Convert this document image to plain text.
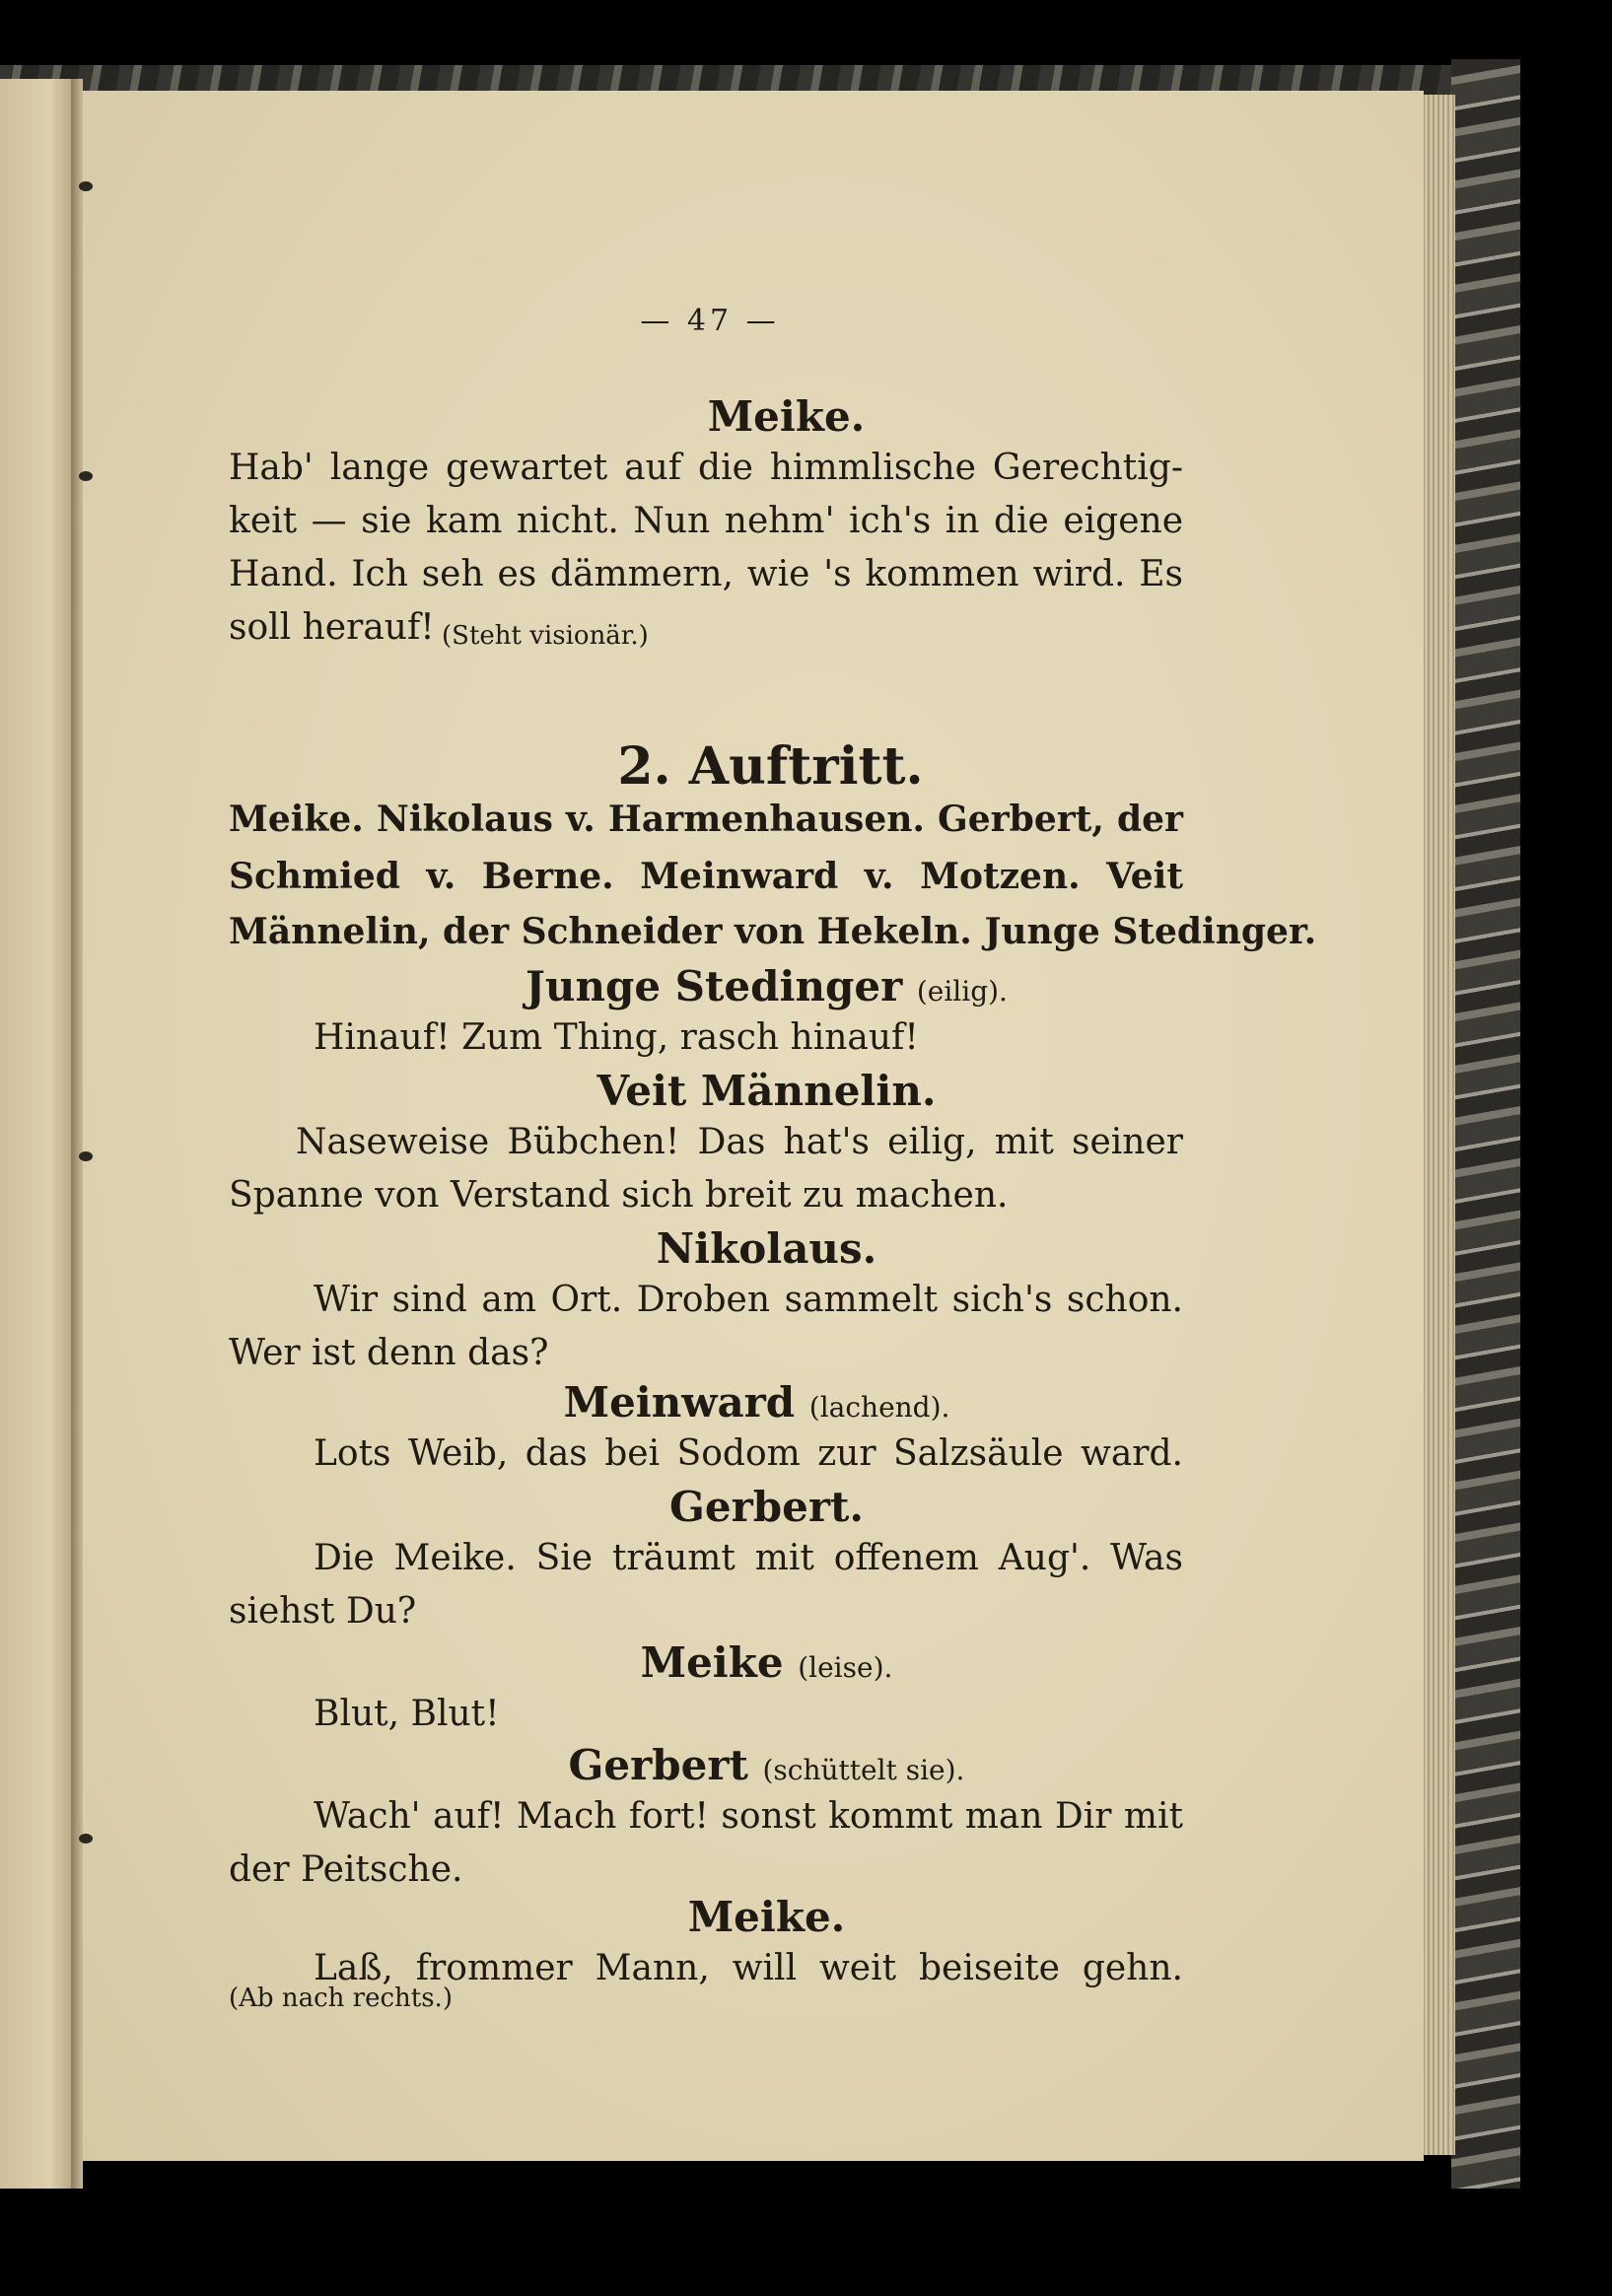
— 47 —
Meike.
Hab' lange gewartet auf die himmlische Gerechtig-
keit — sie kam nicht. Nun nehm' ich's in die eigene
Hand. Ich seh es dämmern, wie 's kommen wird. Es
soll herauf! (Steht visionär.)
2. Auftritt.
Meike. Nikolaus v. Harmenhausen. Gerbert, der
Schmied v. Berne. Meinward v. Motzen. Veit
Männelin, der Schneider von Hekeln. Junge Stedinger.
Junge Stedinger (eilig).
Hinauf! Zum Thing, rasch hinauf!
Veit Männelin.
Naseweise Bübchen! Das hat's eilig, mit seiner
Spanne von Verstand sich breit zu machen.
Nikolaus.
Wir sind am Ort. Droben sammelt sich's schon.
Wer ist denn das?
Meinward (lachend).
Lots Weib, das bei Sodom zur Salzsäule ward.
Gerbert.
Die Meike. Sie träumt mit offenem Aug'. Was
siehst Du?
Meike (leise).
Blut, Blut!
Gerbert (schüttelt sie).
Wach' auf! Mach fort! sonst kommt man Dir mit
der Peitsche.
Meike.
Laß, frommer Mann, will weit beiseite gehn.
(Ab nach rechts.)
